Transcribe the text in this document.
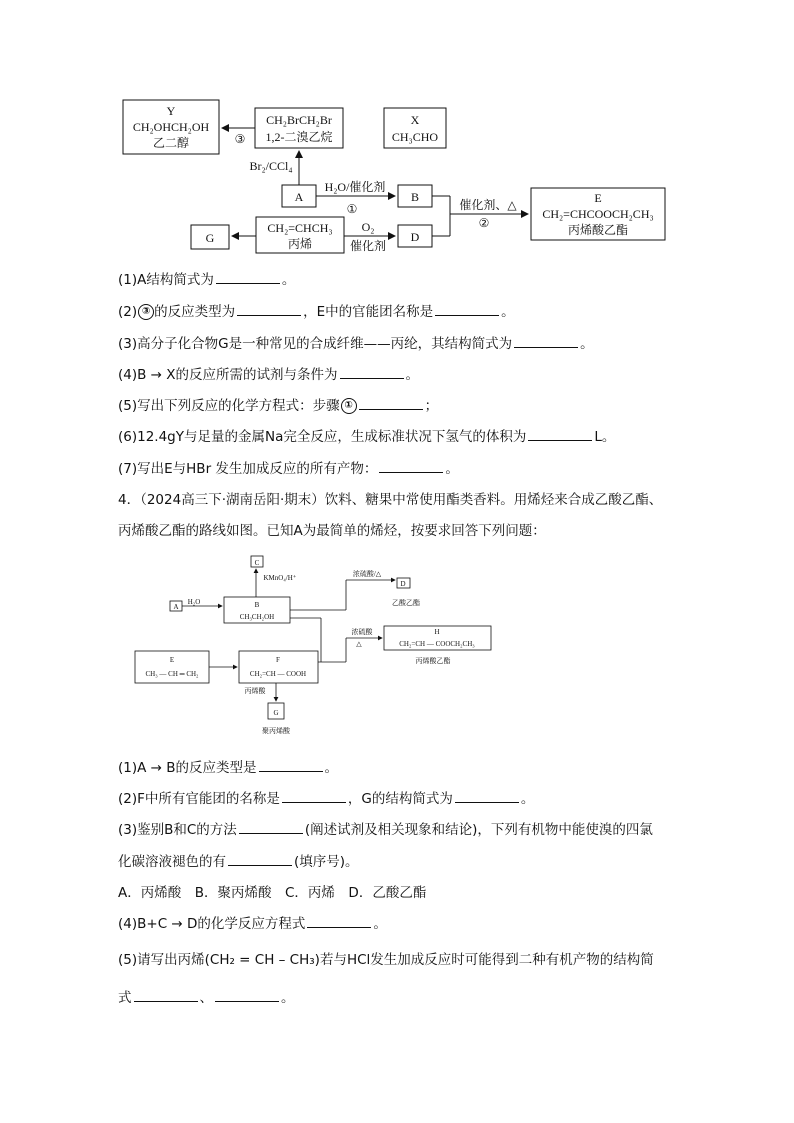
Y
CH₂OHCH₂OH
乙二醇
CH₂BrCH₂Br
1,2-二溴乙烷
X
CH₃CHO
A	B
G
CH₂=CHCH₃
丙烯	D
E
CH₂=CHCOOCH₂CH₃
丙烯酸乙酯
③
Br₂/CCl₄
H₂O/催化剂
①
O₂
催化剂
催化剂、△
②
(1)A结构简式为	。
(2) ③ 的反应类型为	，E中的官能团名称是	。
(3)高分子化合物G是一种常见的合成纤维——丙纶，其结构简式为	。
(4)B → X的反应所需的试剂与条件为	。
(5)写出下列反应的化学方程式：步骤 ①	；
(6)12.4gY与足量的金属Na完全反应，生成标准状况下氢气的体积为	L。
(7)写出E与HBr 发生加成反应的所有产物：	。
4．（2024高三下·湖南岳阳·期末）饮料、糖果中常使用酯类香料。用烯烃来合成乙酸乙酯、
丙烯酸乙酯的路线如图。已知A为最简单的烯烃，按要求回答下列问题：
C
KMnO₄/H⁺	浓硫酸/△
D
乙酸乙酯
A
H₂O	B
CH₃CH₂OH
浓硫酸
△
H
CH₂=CH — COOCH₂CH₃
丙烯酸乙酯
E
CH₃ — CH ═ CH₂
F
CH₂=CH — COOH
丙烯酸
G
聚丙烯酸
(1)A → B的反应类型是	。
(2)F中所有官能团的名称是	，G的结构简式为	。
(3)鉴别B和C的方法	(阐述试剂及相关现象和结论)，下列有机物中能使溴的四氯
化碳溶液褪色的有	(填序号)。
A．丙烯酸　B．聚丙烯酸　C．丙烯　D．乙酸乙酯
(4)B+C → D的化学反应方程式	。
(5)请写出丙烯(CH₂ = CH – CH₃)若与HCl发生加成反应时可能得到二种有机产物的结构简
式	、	。
